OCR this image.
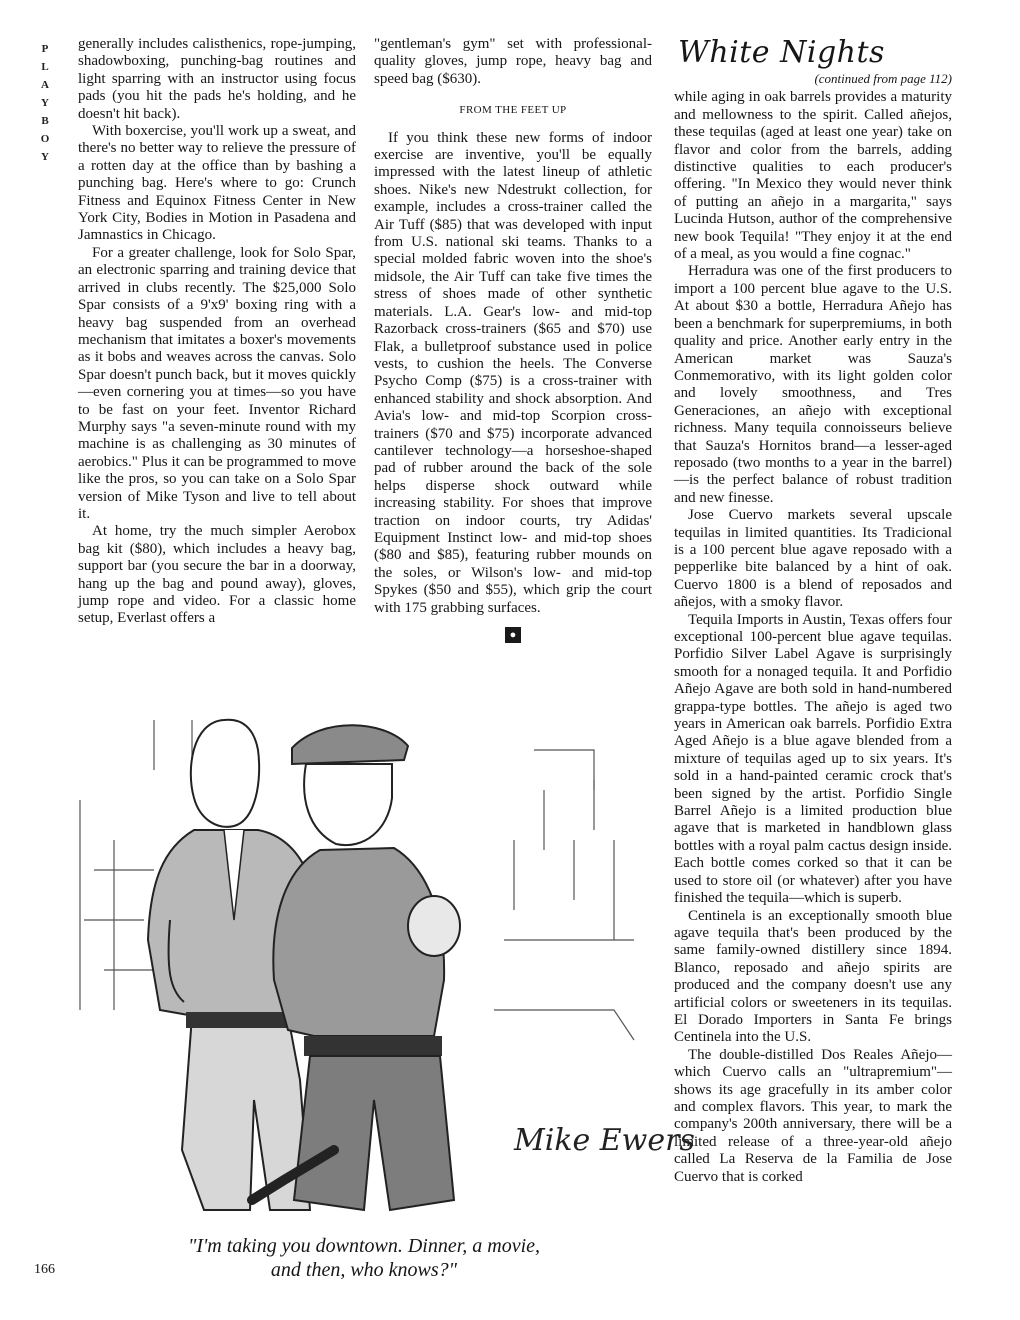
P
L
A
Y
B
O
Y

generally includes calisthenics, rope-jumping, shadowboxing, punching-bag routines and light sparring with an instructor using focus pads (you hit the pads he's holding, and he doesn't hit back).

With boxercise, you'll work up a sweat, and there's no better way to relieve the pressure of a rotten day at the office than by bashing a punching bag. Here's where to go: Crunch Fitness and Equinox Fitness Center in New York City, Bodies in Motion in Pasadena and Jamnastics in Chicago.

For a greater challenge, look for Solo Spar, an electronic sparring and training device that arrived in clubs recently. The $25,000 Solo Spar consists of a 9'x9' boxing ring with a heavy bag suspended from an overhead mechanism that imitates a boxer's movements as it bobs and weaves across the canvas. Solo Spar doesn't punch back, but it moves quickly—even cornering you at times—so you have to be fast on your feet. Inventor Richard Murphy says "a seven-minute round with my machine is as challenging as 30 minutes of aerobics." Plus it can be programmed to move like the pros, so you can take on a Solo Spar version of Mike Tyson and live to tell about it.

At home, try the much simpler Aerobox bag kit ($80), which includes a heavy bag, support bar (you secure the bar in a doorway, hang up the bag and pound away), gloves, jump rope and video. For a classic home setup, Everlast offers a

"gentleman's gym" set with professional-quality gloves, jump rope, heavy bag and speed bag ($630).

FROM THE FEET UP

If you think these new forms of indoor exercise are inventive, you'll be equally impressed with the latest lineup of athletic shoes. Nike's new Ndestrukt collection, for example, includes a cross-trainer called the Air Tuff ($85) that was developed with input from U.S. national ski teams. Thanks to a special molded fabric woven into the shoe's midsole, the Air Tuff can take five times the stress of shoes made of other synthetic materials. L.A. Gear's low- and mid-top Razorback cross-trainers ($65 and $70) use Flak, a bulletproof substance used in police vests, to cushion the heels. The Converse Psycho Comp ($75) is a cross-trainer with enhanced stability and shock absorption. And Avia's low- and mid-top Scorpion cross-trainers ($70 and $75) incorporate advanced cantilever technology—a horseshoe-shaped pad of rubber around the back of the sole helps disperse shock outward while increasing stability. For shoes that improve traction on indoor courts, try Adidas' Equipment Instinct low- and mid-top shoes ($80 and $85), featuring rubber mounds on the soles, or Wilson's low- and mid-top Spykes ($50 and $55), which grip the court with 175 grabbing surfaces.

●
White Nights
(continued from page 112)

while aging in oak barrels provides a maturity and mellowness to the spirit. Called añejos, these tequilas (aged at least one year) take on flavor and color from the barrels, adding distinctive qualities to each producer's offering. "In Mexico they would never think of putting an añejo in a margarita," says Lucinda Hutson, author of the comprehensive new book Tequila! "They enjoy it at the end of a meal, as you would a fine cognac."

Herradura was one of the first producers to import a 100 percent blue agave to the U.S. At about $30 a bottle, Herradura Añejo has been a benchmark for superpremiums, in both quality and price. Another early entry in the American market was Sauza's Conmemorativo, with its light golden color and lovely smoothness, and Tres Generaciones, an añejo with exceptional richness. Many tequila connoisseurs believe that Sauza's Hornitos brand—a lesser-aged reposado (two months to a year in the barrel)—is the perfect balance of robust tradition and new finesse.

Jose Cuervo markets several upscale tequilas in limited quantities. Its Tradicional is a 100 percent blue agave reposado with a pepperlike bite balanced by a hint of oak. Cuervo 1800 is a blend of reposados and añejos, with a smoky flavor.

Tequila Imports in Austin, Texas offers four exceptional 100-percent blue agave tequilas. Porfidio Silver Label Agave is surprisingly smooth for a nonaged tequila. It and Porfidio Añejo Agave are both sold in hand-numbered grappa-type bottles. The añejo is aged two years in American oak barrels. Porfidio Extra Aged Añejo is a blue agave blended from a mixture of tequilas aged up to six years. It's sold in a hand-painted ceramic crock that's been signed by the artist. Porfidio Single Barrel Añejo is a limited production blue agave that is marketed in handblown glass bottles with a royal palm cactus design inside. Each bottle comes corked so that it can be used to store oil (or whatever) after you have finished the tequila—which is superb.

Centinela is an exceptionally smooth blue agave tequila that's been produced by the same family-owned distillery since 1894. Blanco, reposado and añejo spirits are produced and the company doesn't use any artificial colors or sweeteners in its tequilas. El Dorado Importers in Santa Fe brings Centinela into the U.S.

The double-distilled Dos Reales Añejo—which Cuervo calls an "ultrapremium"—shows its age gracefully in its amber color and complex flavors. This year, to mark the company's 200th anniversary, there will be a limited release of a three-year-old añejo called La Reserva de la Familia de Jose Cuervo that is corked

Mike Ewers
"I'm taking you downtown. Dinner, a movie,
and then, who knows?"
166
